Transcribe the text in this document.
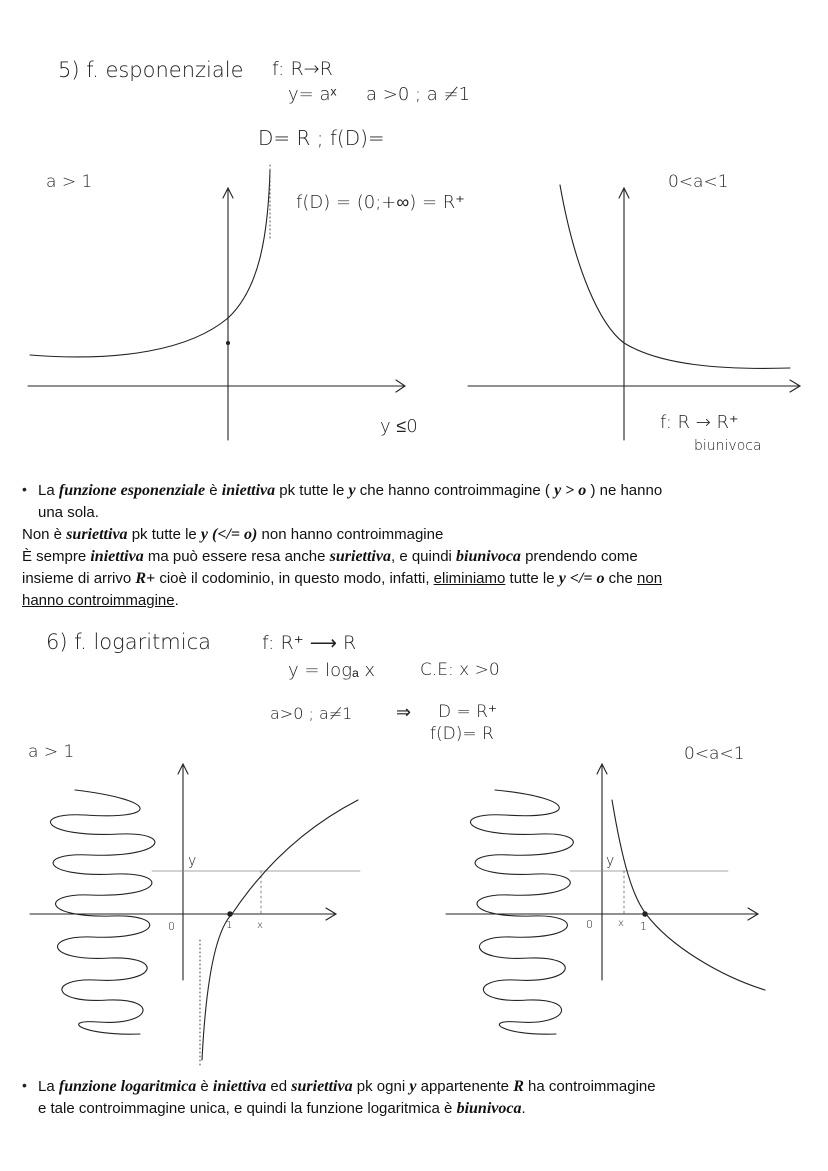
5) f. esponenziale f: R→R
y= aˣ a >0 ; a ≠1
D= R ; f(D)=
a > 1
f(D) = (0;+∞) = R⁺
0<a<1
y ≤0	f: R → R⁺
biunivoca
• La funzione esponenziale è iniettiva pk tutte le y che hanno controimmagine ( y > o ) ne hanno
una sola.
Non è suriettiva pk tutte le y (</= o) non hanno controimmagine
È sempre iniettiva ma può essere resa anche suriettiva, e quindi biunivoca prendendo come
insieme di arrivo R+ cioè il codominio, in questo modo, infatti, eliminiamo tutte le y </= o che non
hanno controimmagine.
6) f. logaritmica	f: R⁺ ⟶ R
y = logₐ x	C.E: x >0
a>0 ; a≠1 ⇒ D = R⁺
f(D)= R
a > 1	0<a<1
y
0	1 x
y
0	x 1
• La funzione logaritmica è iniettiva ed suriettiva pk ogni y appartenente R ha controimmagine
e tale controimmagine unica, e quindi la funzione logaritmica è biunivoca.
